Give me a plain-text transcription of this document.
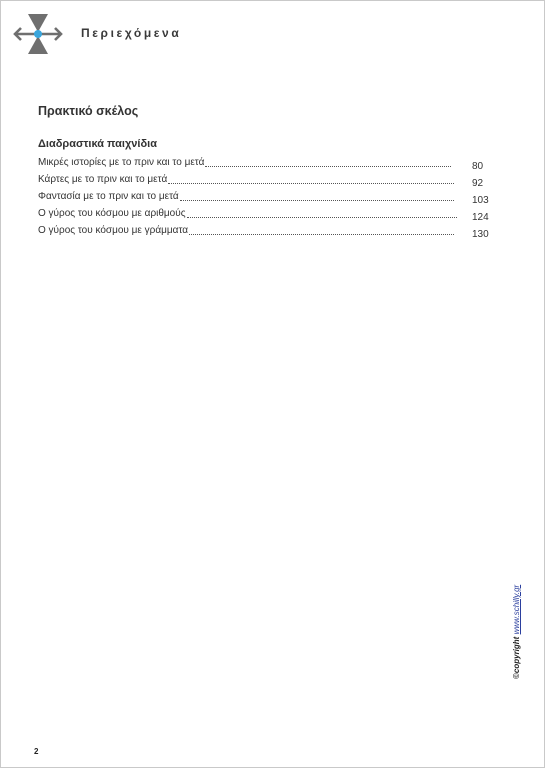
Περιεχόμενα
Πρακτικό σκέλος
Διαδραστικά παιχνίδια
Μικρές ιστορίες με το πριν και το μετά	80
Κάρτες με το πριν και το μετά	92
Φαντασία με το πριν και το μετά	103
Ο γύρος του κόσμου με αριθμούς	124
Ο γύρος του κόσμου με γράμματα	130
©copyright www.schilly.gr
2
